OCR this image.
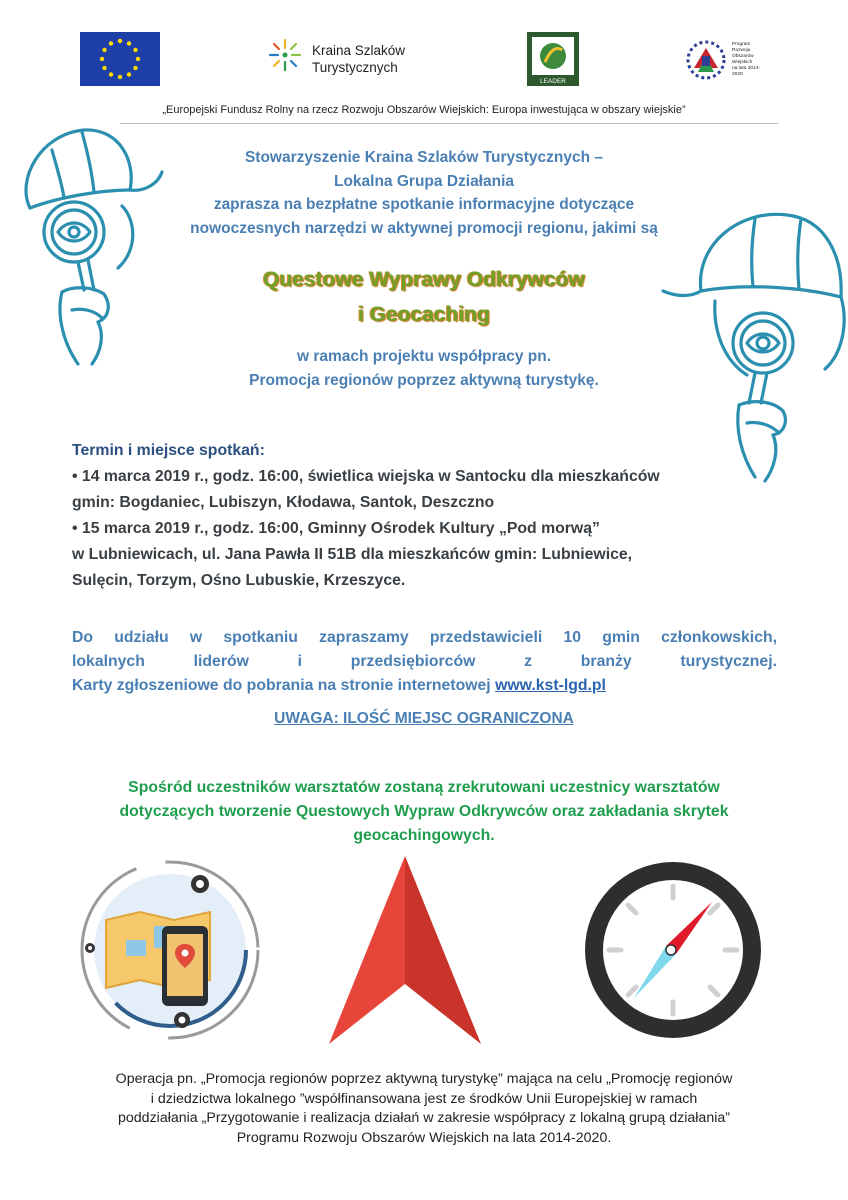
Kraina Szlaków
Turystycznych
LEADER
Program
Rozwoju
Obszarów
Wiejskich
na lata 2014-2020
„Europejski Fundusz Rolny na rzecz Rozwoju Obszarów Wiejskich: Europa inwestująca w obszary wiejskie”
Stowarzyszenie Kraina Szlaków Turystycznych –
Lokalna Grupa Działania
zaprasza na bezpłatne spotkanie informacyjne dotyczące
nowoczesnych narzędzi w aktywnej promocji regionu, jakimi są
Questowe Wyprawy Odkrywców
i Geocaching
w ramach projektu współpracy pn.
Promocja regionów poprzez aktywną turystykę.
Termin i miejsce spotkań:
• 14 marca 2019 r., godz. 16:00, świetlica wiejska w Santocku dla mieszkańców
gmin: Bogdaniec, Lubiszyn, Kłodawa, Santok, Deszczno
• 15 marca 2019 r., godz. 16:00, Gminny Ośrodek Kultury „Pod morwą”
w Lubniewicach, ul. Jana Pawła II 51B dla mieszkańców gmin: Lubniewice,
Sulęcin, Torzym, Ośno Lubuskie, Krzeszyce.
Do udziału w spotkaniu zapraszamy przedstawicieli 10 gmin członkowskich,
lokalnych liderów i przedsiębiorców z branży turystycznej.
Karty zgłoszeniowe do pobrania na stronie internetowej www.kst-lgd.pl
UWAGA: ILOŚĆ MIEJSC OGRANICZONA
Spośród uczestników warsztatów zostaną zrekrutowani uczestnicy warsztatów
dotyczących tworzenie Questowych Wypraw Odkrywców oraz zakładania skrytek
geocachingowych.
Operacja pn. „Promocja regionów poprzez aktywną turystykę” mająca na celu „Promocję regionów
i dziedzictwa lokalnego ”współfinansowana jest ze środków Unii Europejskiej w ramach
poddziałania „Przygotowanie i realizacja działań w zakresie współpracy z lokalną grupą działania”
Programu Rozwoju Obszarów Wiejskich na lata 2014-2020.
